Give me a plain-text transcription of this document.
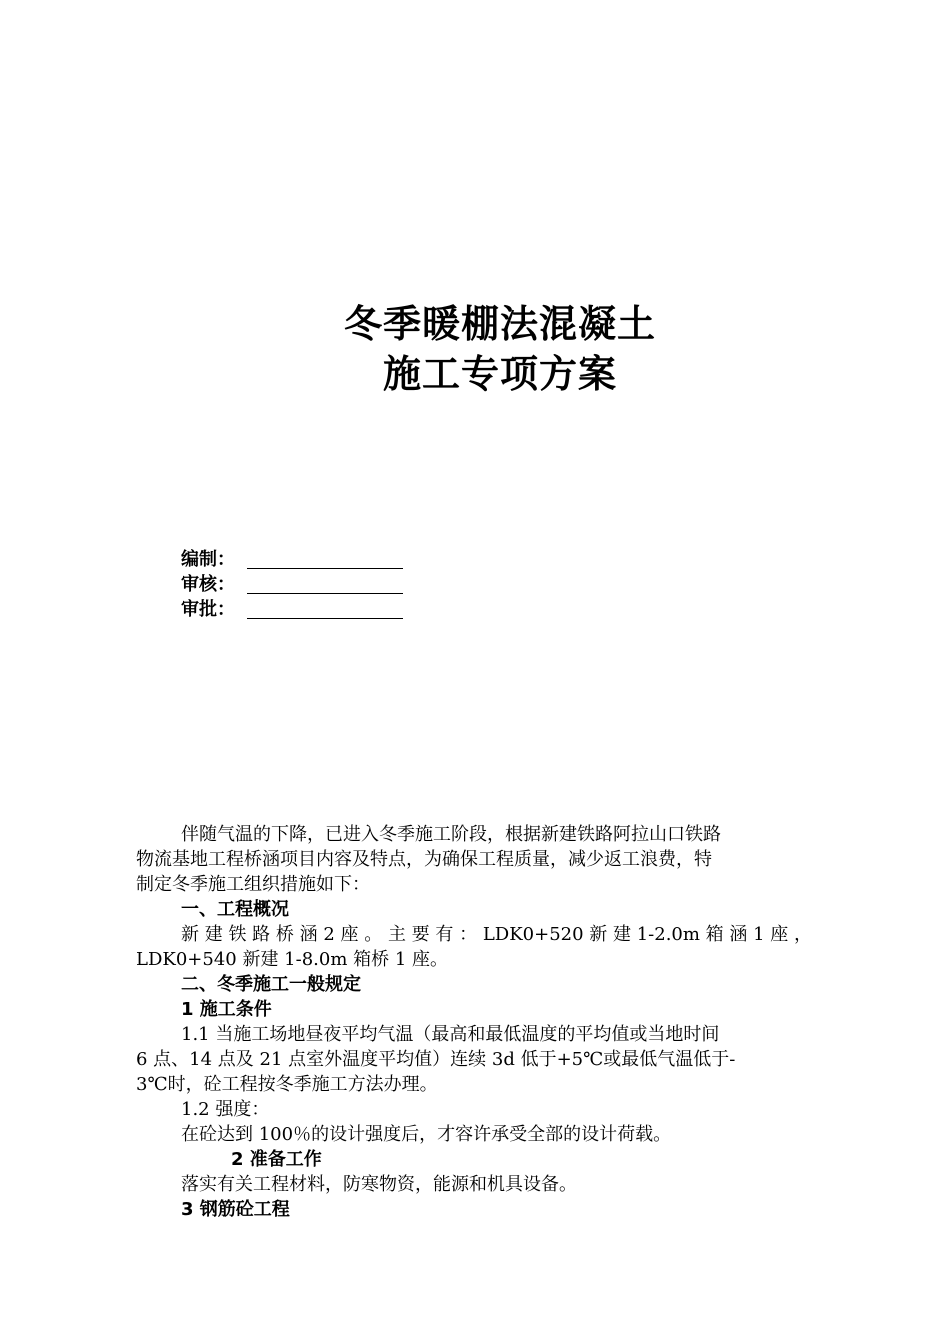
冬季暖棚法混凝土
施工专项方案
编制：
审核：
审批：

伴随气温的下降，已进入冬季施工阶段，根据新建铁路阿拉山口铁路

物流基地工程桥涵项目内容及特点，为确保工程质量，减少返工浪费，特

制定冬季施工组织措施如下：

一、工程概况

新 建 铁 路 桥 涵 2 座 。 主 要 有 ： LDK0+520 新 建 1-2.0m 箱 涵 1 座 ，

LDK0+540 新建 1-8.0m 箱桥 1 座。

二、冬季施工一般规定

1 施工条件

1.1 当施工场地昼夜平均气温（最高和最低温度的平均值或当地时间

6 点、14 点及 21 点室外温度平均值）连续 3d 低于+5℃或最低气温低于-

3℃时，砼工程按冬季施工方法办理。

1.2 强度：

在砼达到 100％的设计强度后，才容许承受全部的设计荷载。

2 准备工作

落实有关工程材料，防寒物资，能源和机具设备。

3 钢筋砼工程
